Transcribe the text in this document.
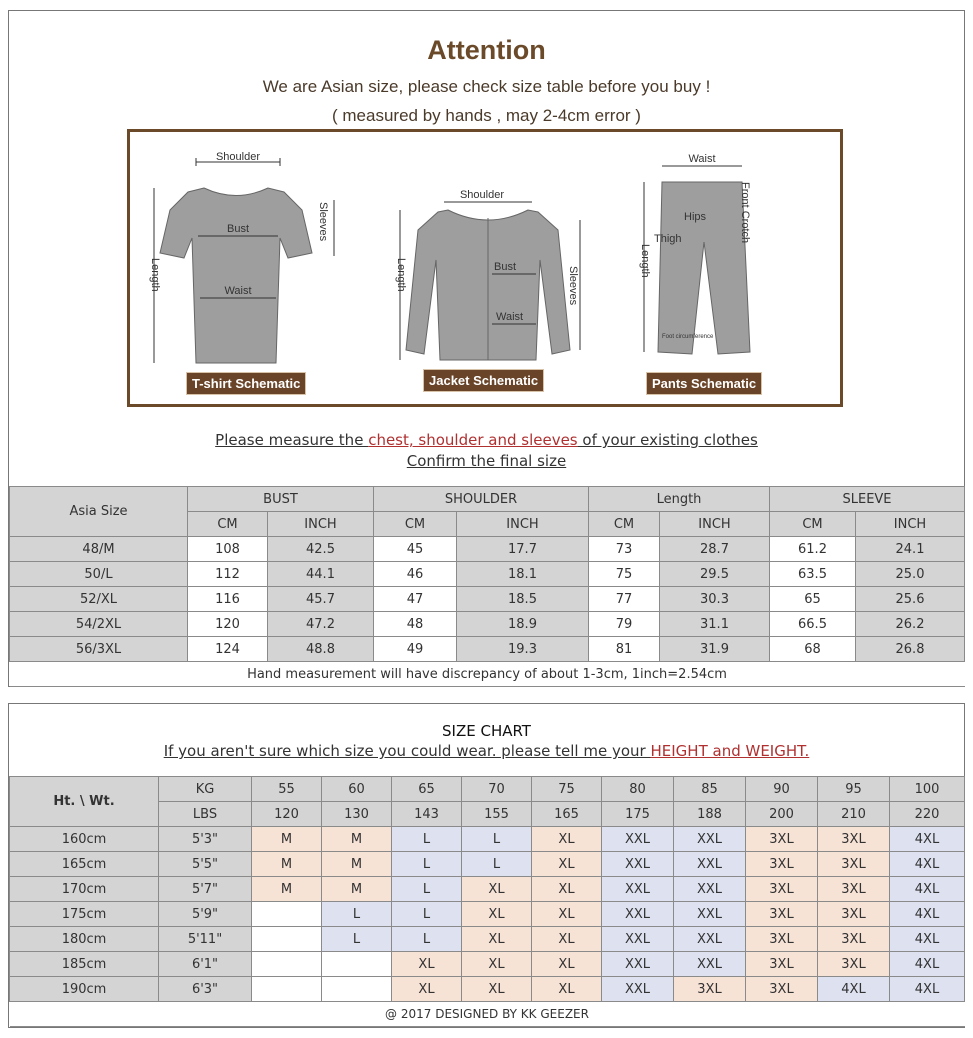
Attention
We are Asian size, please check size table before you buy !
( measured by hands , may 2-4cm error )
Shoulder
Bust
Waist
Length
Sleeves
T-shirt Schematic
Shoulder
Bust
Waist
Length	Sleeves
Jacket Schematic
Waist
Hips
Thigh
Foot circumference
Length
Front Crotch
Pants Schematic
Please measure the chest, shoulder and sleeves of your existing clothes
Confirm the final size
Asia Size	BUST		SHOULDER		Length		SLEEVE	
	CM	INCH	CM	INCH	CM	INCH	CM	INCH
48/M	108	42.5	45	17.7	73	28.7	61.2	24.1
50/L	112	44.1	46	18.1	75	29.5	63.5	25.0
52/XL	116	45.7	47	18.5	77	30.3	65	25.6
54/2XL	120	47.2	48	18.9	79	31.1	66.5	26.2
56/3XL	124	48.8	49	19.3	81	31.9	68	26.8
Hand measurement will have discrepancy of about 1-3cm, 1inch=2.54cm								
SIZE CHART
If you aren't sure which size you could wear. please tell me your HEIGHT and WEIGHT.
Ht. \ Wt.	KG	55	60	65	70	75	80	85	90	95	100
	LBS	120	130	143	155	165	175	188	200	210	220
160cm	5'3"	M	M	L	L	XL	XXL	XXL	3XL	3XL	4XL
165cm	5'5"	M	M	L	L	XL	XXL	XXL	3XL	3XL	4XL
170cm	5'7"	M	M	L	XL	XL	XXL	XXL	3XL	3XL	4XL
175cm	5'9"		L	L	XL	XL	XXL	XXL	3XL	3XL	4XL
180cm	5'11"		L	L	XL	XL	XXL	XXL	3XL	3XL	4XL
185cm	6'1"			XL	XL	XL	XXL	XXL	3XL	3XL	4XL
190cm	6'3"			XL	XL	XL	XXL	3XL	3XL	4XL	4XL
@ 2017 DESIGNED BY KK GEEZER											
